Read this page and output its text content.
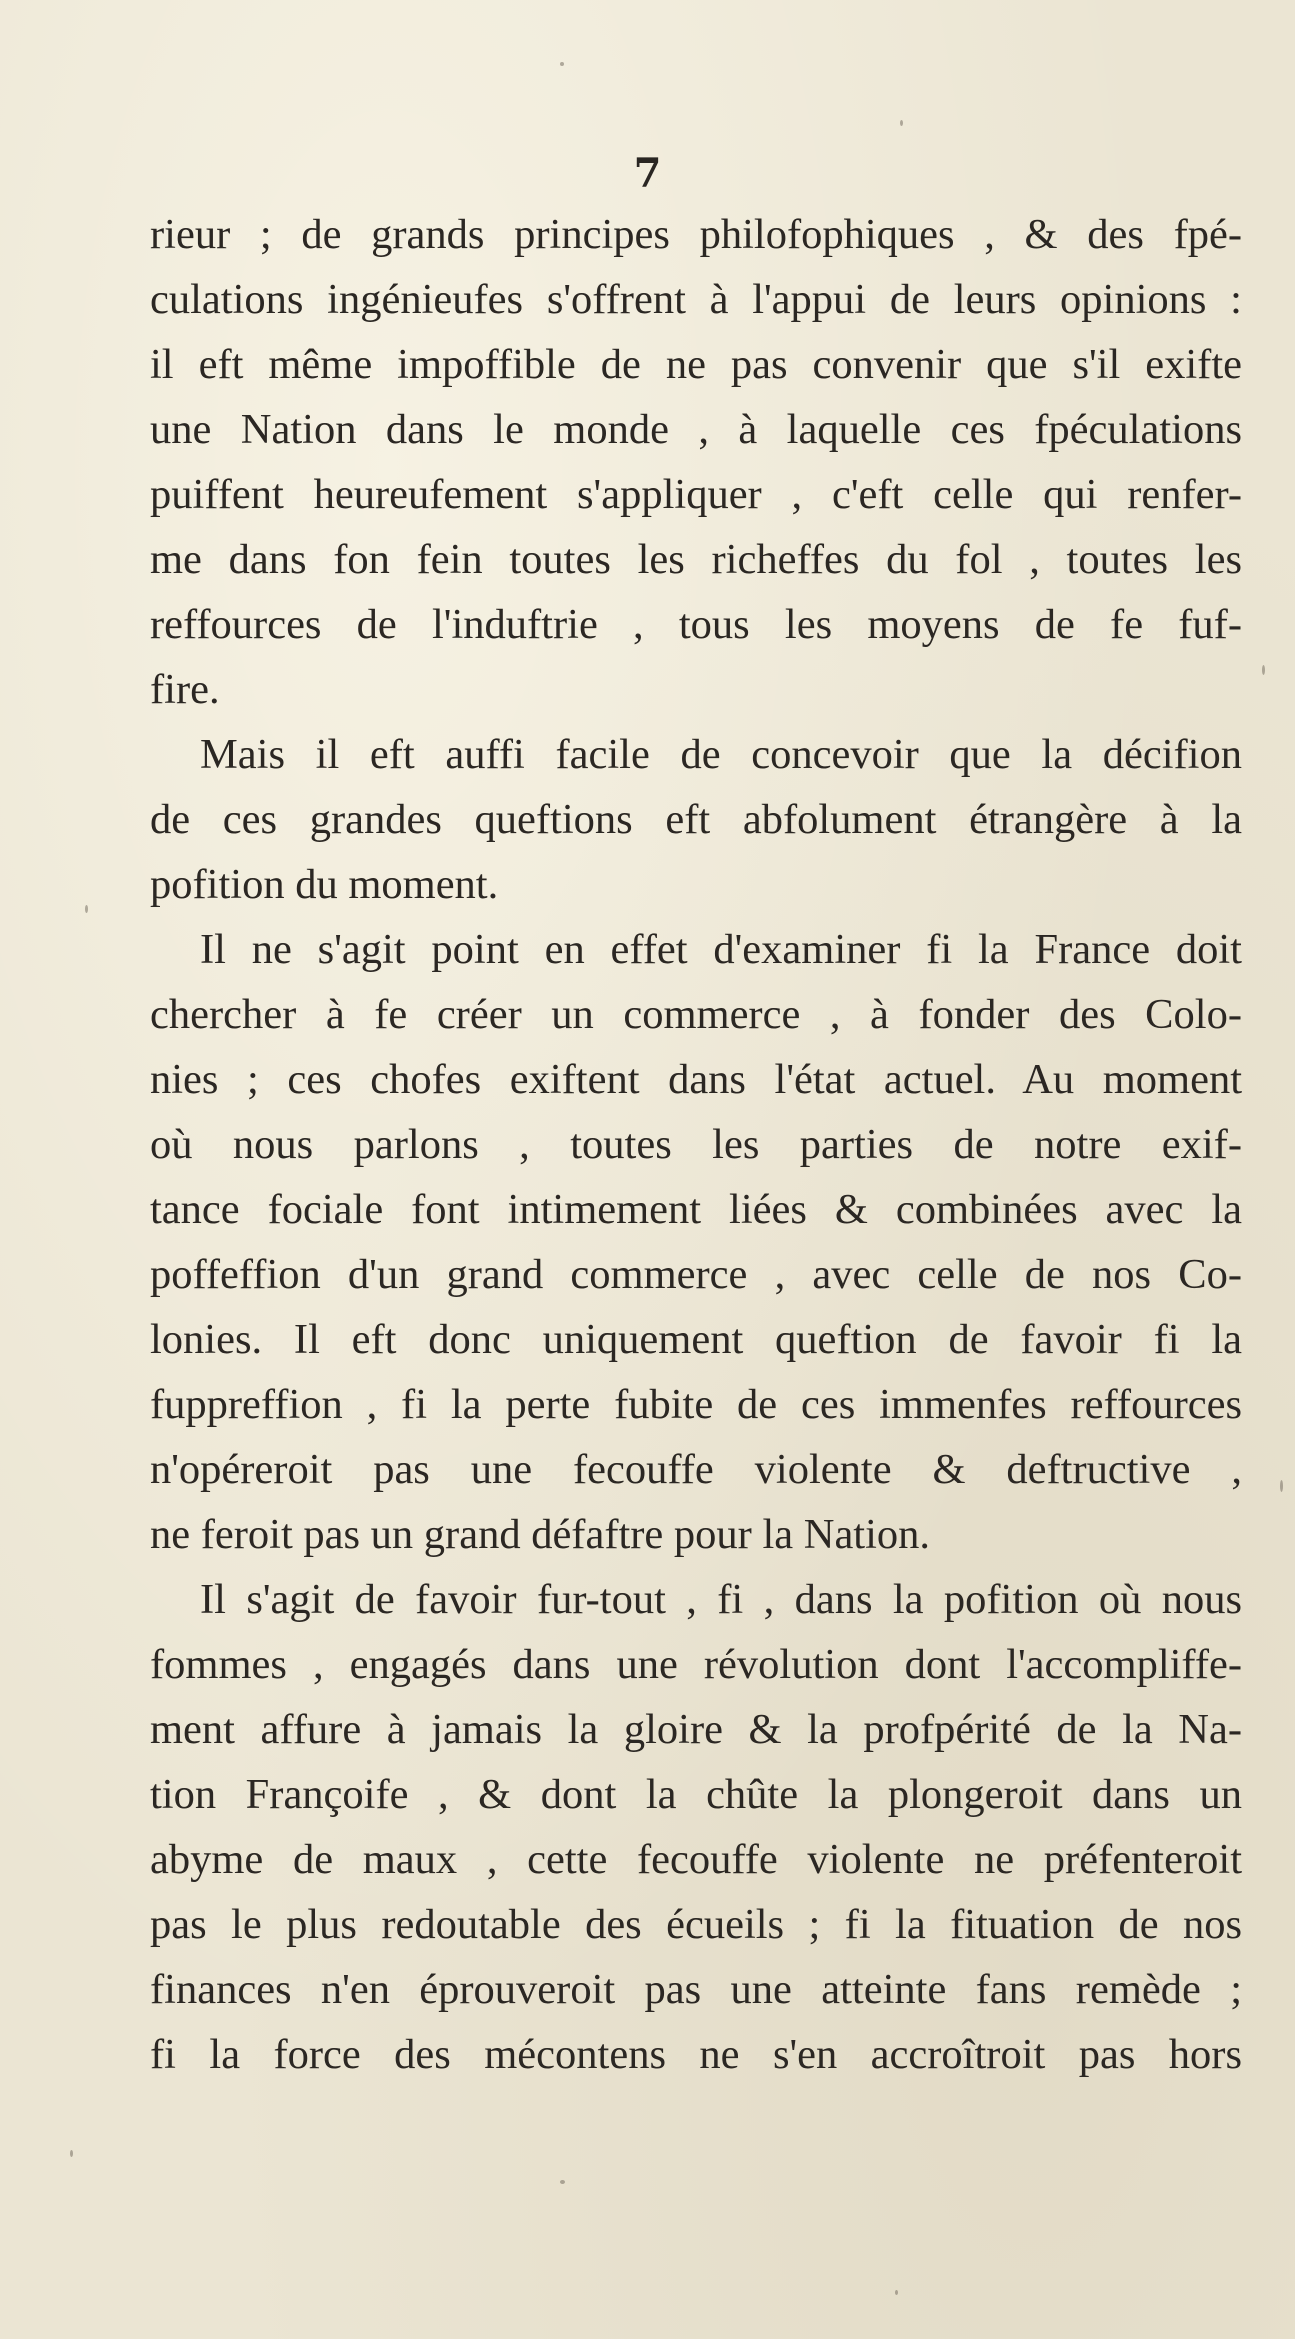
7
rieur ; de grands principes philofophiques , & des fpé-
culations ingénieufes s'offrent à l'appui de leurs opinions :
il eft même impoffible de ne pas convenir que s'il exifte
une Nation dans le monde , à laquelle ces fpéculations
puiffent heureufement s'appliquer , c'eft celle qui renfer-
me dans fon fein toutes les richeffes du fol , toutes les
reffources de l'induftrie , tous les moyens de fe fuf-
fire.
Mais il eft auffi facile de concevoir que la décifion
de ces grandes queftions eft abfolument étrangère à la
pofition du moment.
Il ne s'agit point en effet d'examiner fi la France doit
chercher à fe créer un commerce , à fonder des Colo-
nies ; ces chofes exiftent dans l'état actuel. Au moment
où nous parlons , toutes les parties de notre exif-
tance fociale font intimement liées & combinées avec la
poffeffion d'un grand commerce , avec celle de nos Co-
lonies. Il eft donc uniquement queftion de favoir fi la
fuppreffion , fi la perte fubite de ces immenfes reffources
n'opéreroit pas une fecouffe violente & deftructive ,
ne feroit pas un grand défaftre pour la Nation.
Il s'agit de favoir fur-tout , fi , dans la pofition où nous
fommes , engagés dans une révolution dont l'accompliffe-
ment affure à jamais la gloire & la profpérité de la Na-
tion Françoife , & dont la chûte la plongeroit dans un
abyme de maux , cette fecouffe violente ne préfenteroit
pas le plus redoutable des écueils ; fi la fituation de nos
finances n'en éprouveroit pas une atteinte fans remède ;
fi la force des mécontens ne s'en accroîtroit pas hors
